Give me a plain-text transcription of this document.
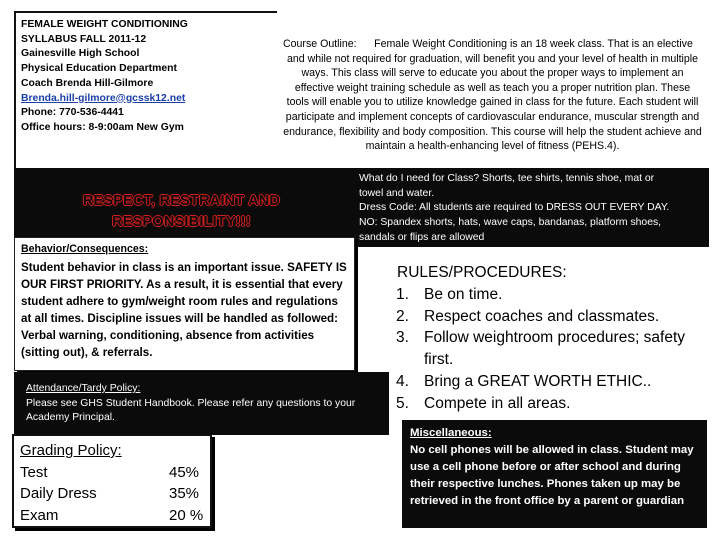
FEMALE WEIGHT CONDITIONING
SYLLABUS FALL 2011-12
Gainesville High School
Physical Education Department
Coach Brenda Hill-Gilmore
Brenda.hill-gilmore@gcssk12.net
Phone: 770-536-4441
Office hours: 8-9:00am New Gym

Female Weight Conditioning is an 18 week class. That is an elective and while not required for graduation, will benefit you and your level of health in multiple ways. This class will serve to educate you about the proper ways to implement an effective weight training schedule as well as teach you a proper nutrition plan. These tools will enable you to utilize knowledge gained in class for the future. Each student will participate and implement concepts of cardiovascular endurance, muscular strength and endurance, flexibility and body composition. This course will help the student achieve and maintain a health-enhancing level of fitness (PEHS.4).

Course Outline:
RESPECT, RESTRAINT AND
RESPONSIBILITY!!!
What do I need for Class? Shorts, tee shirts, tennis shoe, mat or
towel and water.
Dress Code: All students are required to DRESS OUT EVERY DAY.
NO: Spandex shorts, hats, wave caps, bandanas, platform shoes,
sandals or flips are allowed
Behavior/Consequences:
Student behavior in class is an important issue. SAFETY IS OUR FIRST PRIORITY. As a result, it is essential that every student adhere to gym/weight room rules and regulations at all times. Discipline issues will be handled as followed: Verbal warning, conditioning, absence from activities (sitting out), & referrals.
RULES/PROCEDURES:
1. Be on time.
2. Respect coaches and classmates.
3. Follow weightroom procedures; safety first.
4. Bring a GREAT WORTH ETHIC..
5. Compete in all areas.
Attendance/Tardy Policy:
Please see GHS Student Handbook. Please refer any questions to your
Academy Principal.
Grading Policy:
Test	45%
Daily Dress	35%
Exam	20 %
Miscellaneous:
No cell phones will be allowed in class. Student may use a cell phone before or after school and during their respective lunches. Phones taken up may be retrieved in the front office by a parent or guardian
